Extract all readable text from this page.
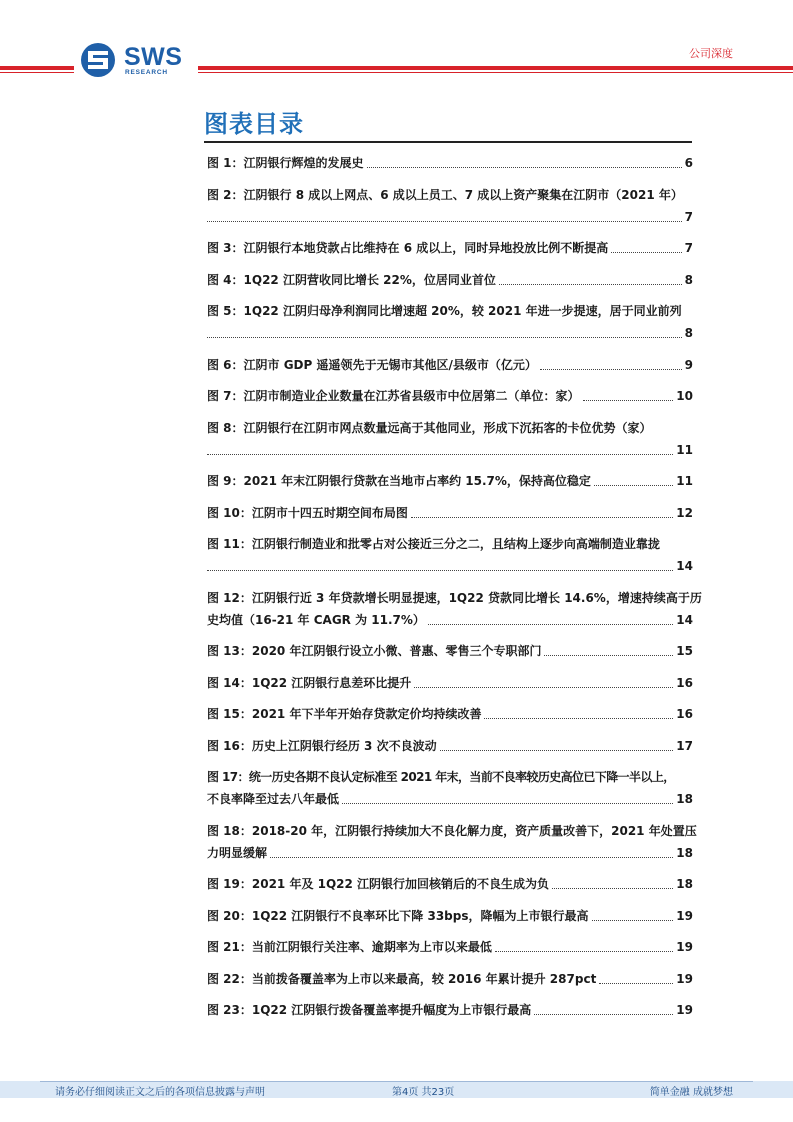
SWS
RESEARCH
公司深度
图表目录
图 1：江阴银行辉煌的发展史	6
图 2：江阴银行 8 成以上网点、6 成以上员工、7 成以上资产聚集在江阴市（2021 年）
7
图 3：江阴银行本地贷款占比维持在 6 成以上，同时异地投放比例不断提高	7
图 4：1Q22 江阴营收同比增长 22%，位居同业首位	8
图 5：1Q22 江阴归母净利润同比增速超 20%，较 2021 年进一步提速，居于同业前列
8
图 6：江阴市 GDP 遥遥领先于无锡市其他区/县级市（亿元）	9
图 7：江阴市制造业企业数量在江苏省县级市中位居第二（单位：家）	10
图 8：江阴银行在江阴市网点数量远高于其他同业，形成下沉拓客的卡位优势（家）
11
图 9：2021 年末江阴银行贷款在当地市占率约 15.7%，保持高位稳定	11
图 10：江阴市十四五时期空间布局图	12
图 11：江阴银行制造业和批零占对公接近三分之二，且结构上逐步向高端制造业靠拢
14
图 12：江阴银行近 3 年贷款增长明显提速，1Q22 贷款同比增长 14.6%，增速持续高于历
史均值（16-21 年 CAGR 为 11.7%）	14
图 13：2020 年江阴银行设立小微、普惠、零售三个专职部门	15
图 14：1Q22 江阴银行息差环比提升	16
图 15：2021 年下半年开始存贷款定价均持续改善	16
图 16：历史上江阴银行经历 3 次不良波动	17
图 17：统一历史各期不良认定标准至 2021 年末，当前不良率较历史高位已下降一半以上，
不良率降至过去八年最低	18
图 18：2018-20 年，江阴银行持续加大不良化解力度，资产质量改善下，2021 年处置压
力明显缓解	18
图 19：2021 年及 1Q22 江阴银行加回核销后的不良生成为负	18
图 20：1Q22 江阴银行不良率环比下降 33bps，降幅为上市银行最高	19
图 21：当前江阴银行关注率、逾期率为上市以来最低	19
图 22：当前拨备覆盖率为上市以来最高，较 2016 年累计提升 287pct	19
图 23：1Q22 江阴银行拨备覆盖率提升幅度为上市银行最高	19
请务必仔细阅读正文之后的各项信息披露与声明	第4页 共23页	简单金融 成就梦想
